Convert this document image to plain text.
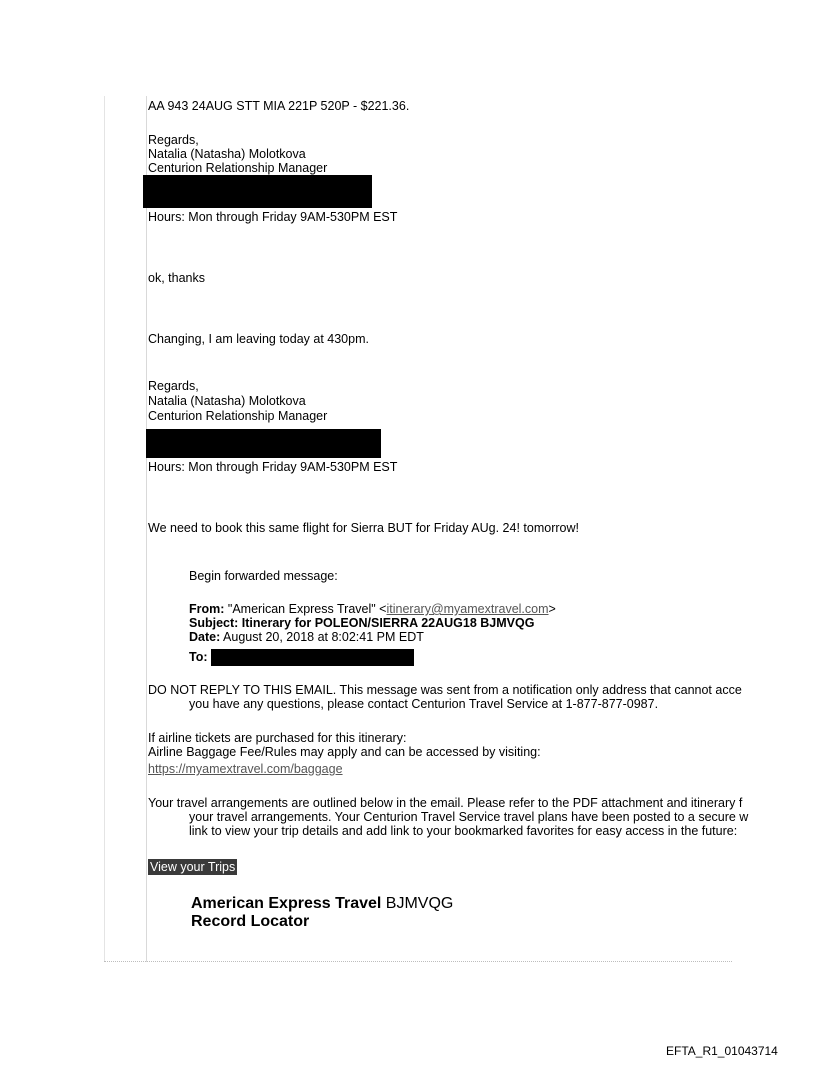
AA 943 24AUG STT MIA 221P 520P - $221.36.
Regards,
Natalia (Natasha) Molotkova
Centurion Relationship Manager
Hours: Mon through Friday 9AM-530PM EST
ok, thanks
Changing, I am leaving today at 430pm.
Regards,
Natalia (Natasha) Molotkova
Centurion Relationship Manager
Hours: Mon through Friday 9AM-530PM EST
We need to book this same flight for Sierra BUT for Friday AUg. 24! tomorrow!
Begin forwarded message:
From: "American Express Travel" <itinerary@myamextravel.com>
Subject: Itinerary for POLEON/SIERRA 22AUG18 BJMVQG
Date: August 20, 2018 at 8:02:41 PM EDT
To:
DO NOT REPLY TO THIS EMAIL. This message was sent from a notification only address that cannot acce
you have any questions, please contact Centurion Travel Service at 1-877-877-0987.
If airline tickets are purchased for this itinerary:
Airline Baggage Fee/Rules may apply and can be accessed by visiting:
https://myamextravel.com/baggage
Your travel arrangements are outlined below in the email. Please refer to the PDF attachment and itinerary f
your travel arrangements. Your Centurion Travel Service travel plans have been posted to a secure w
link to view your trip details and add link to your bookmarked favorites for easy access in the future:
View your Trips
American Express Travel BJMVQG
Record Locator
EFTA_R1_01043714
